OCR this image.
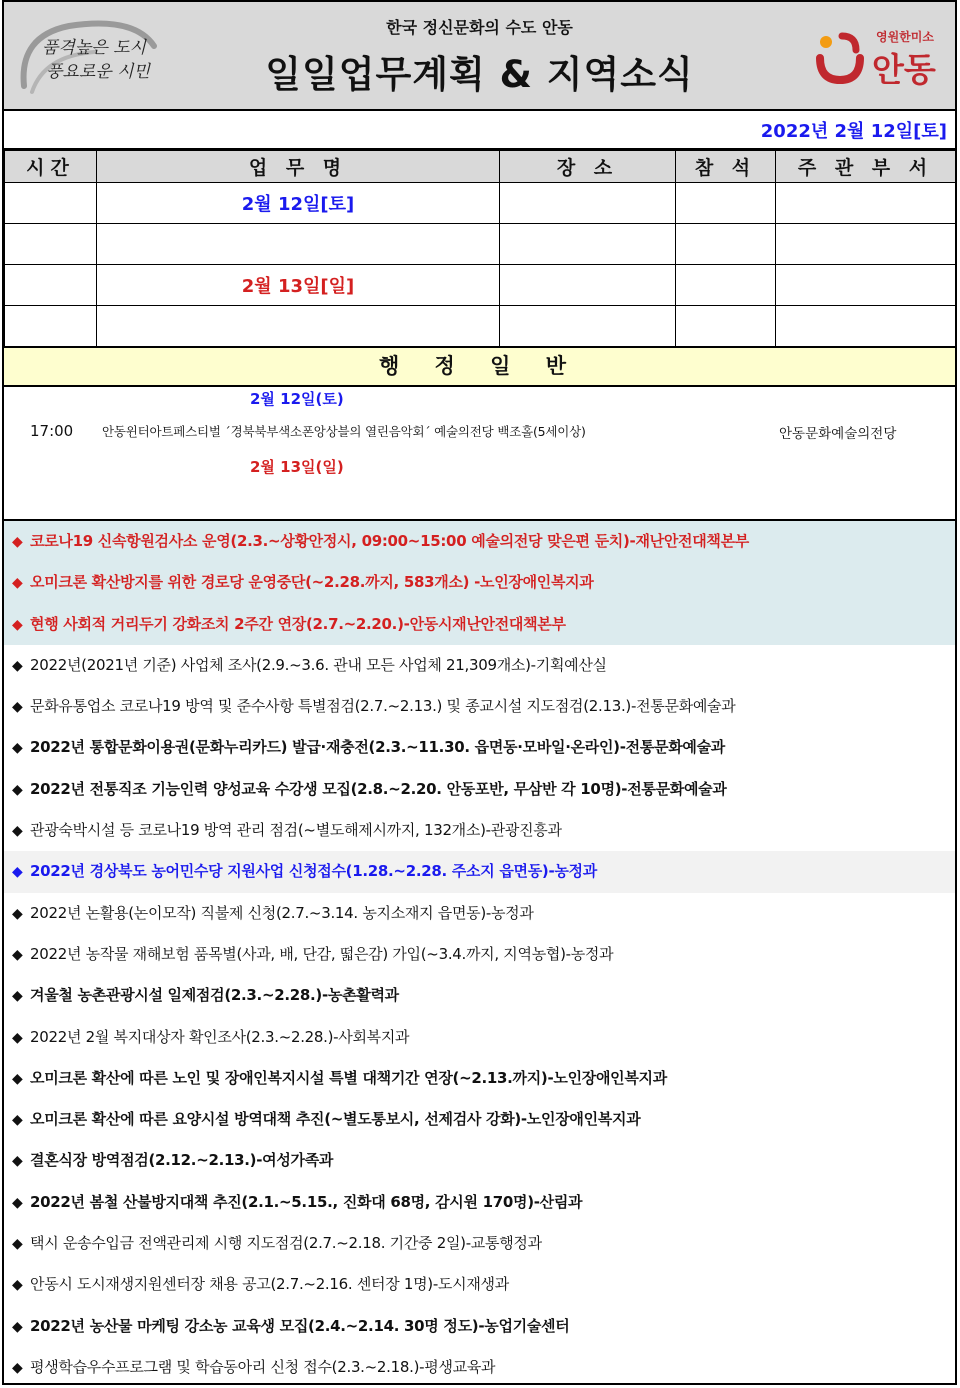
품격높은 도시
풍요로운 시민
한국 정신문화의 수도 안동
일일업무계획 & 지역소식
영원한미소
안동
2022년 2월 12일[토]
시간	업 무 명	장 소	참 석	주 관 부 서
	2월 12일[토]			

	2월 13일[일]			

행 정 일 반
2월 12일(토)
17:00 안동윈터아트페스티벌 ´경북북부색소폰앙상블의 열린음악회´ 예술의전당 백조홀(5세이상)	안동문화예술의전당
2월 13일(일)
◆ 코로나19 신속항원검사소 운영(2.3.~상황안정시, 09:00~15:00 예술의전당 맞은편 둔치)-재난안전대책본부
◆ 오미크론 확산방지를 위한 경로당 운영중단(~2.28.까지, 583개소) -노인장애인복지과
◆ 현행 사회적 거리두기 강화조치 2주간 연장(2.7.~2.20.)-안동시재난안전대책본부
◆ 2022년(2021년 기준) 사업체 조사(2.9.~3.6. 관내 모든 사업체 21,309개소)-기획예산실
◆ 문화유통업소 코로나19 방역 및 준수사항 특별점검(2.7.~2.13.) 및 종교시설 지도점검(2.13.)-전통문화예술과
◆ 2022년 통합문화이용권(문화누리카드) 발급·재충전(2.3.~11.30. 읍면동·모바일·온라인)-전통문화예술과
◆ 2022년 전통직조 기능인력 양성교육 수강생 모집(2.8.~2.20. 안동포반, 무삼반 각 10명)-전통문화예술과
◆ 관광숙박시설 등 코로나19 방역 관리 점검(~별도해제시까지, 132개소)-관광진흥과
◆ 2022년 경상북도 농어민수당 지원사업 신청접수(1.28.~2.28. 주소지 읍면동)-농정과
◆ 2022년 논활용(논이모작) 직불제 신청(2.7.~3.14. 농지소재지 읍면동)-농정과
◆ 2022년 농작물 재해보험 품목별(사과, 배, 단감, 떫은감) 가입(~3.4.까지, 지역농협)-농정과
◆ 겨울철 농촌관광시설 일제점검(2.3.~2.28.)-농촌활력과
◆ 2022년 2월 복지대상자 확인조사(2.3.~2.28.)-사회복지과
◆ 오미크론 확산에 따른 노인 및 장애인복지시설 특별 대책기간 연장(~2.13.까지)-노인장애인복지과
◆ 오미크론 확산에 따른 요양시설 방역대책 추진(~별도통보시, 선제검사 강화)-노인장애인복지과
◆ 결혼식장 방역점검(2.12.~2.13.)-여성가족과
◆ 2022년 봄철 산불방지대책 추진(2.1.~5.15., 진화대 68명, 감시원 170명)-산림과
◆ 택시 운송수입금 전액관리제 시행 지도점검(2.7.~2.18. 기간중 2일)-교통행정과
◆ 안동시 도시재생지원센터장 채용 공고(2.7.~2.16. 센터장 1명)-도시재생과
◆ 2022년 농산물 마케팅 강소농 교육생 모집(2.4.~2.14. 30명 정도)-농업기술센터
◆ 평생학습우수프로그램 및 학습동아리 신청 접수(2.3.~2.18.)-평생교육과
